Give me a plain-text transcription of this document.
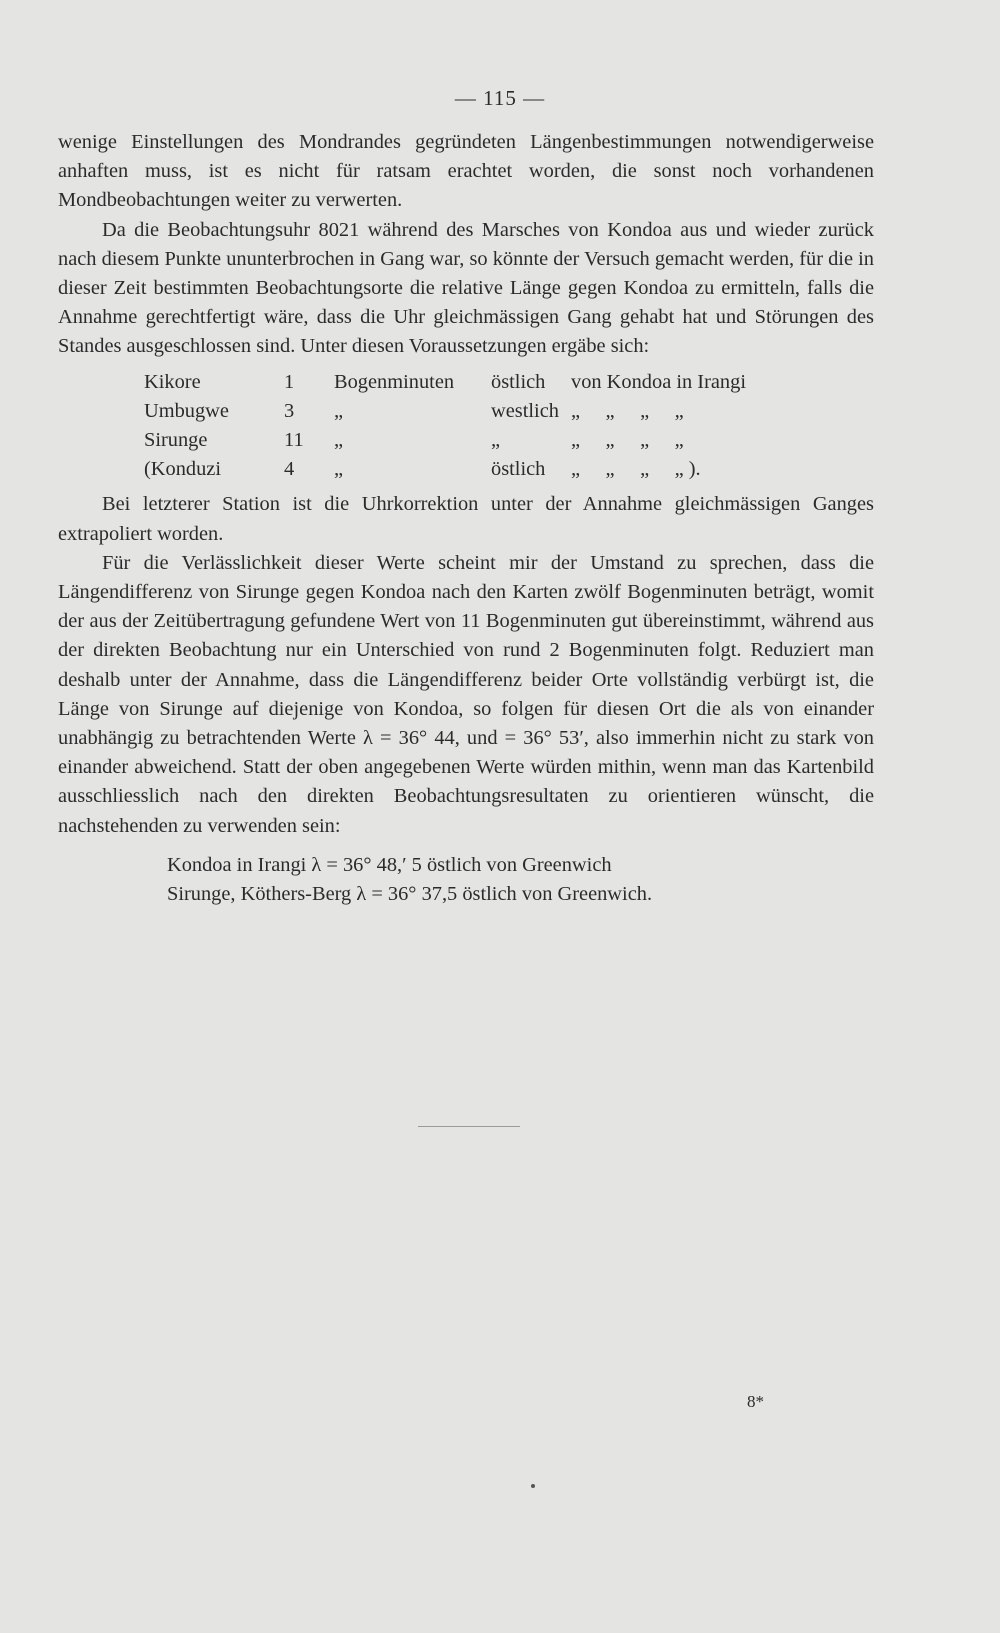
— 115 —

wenige Einstellungen des Mondrandes gegründeten Längenbestimmungen notwendigerweise anhaften muss, ist es nicht für ratsam erachtet worden, die sonst noch vorhandenen Mondbeobachtungen weiter zu verwerten.

Da die Beobachtungsuhr 8021 während des Marsches von Kondoa aus und wieder zurück nach diesem Punkte ununterbrochen in Gang war, so könnte der Versuch gemacht werden, für die in dieser Zeit bestimmten Beobachtungsorte die relative Länge gegen Kondoa zu ermitteln, falls die Annahme gerechtfertigt wäre, dass die Uhr gleichmässigen Gang gehabt hat und Störungen des Standes ausgeschlossen sind. Unter diesen Voraussetzungen ergäbe sich:

Kikore	1	Bogenminuten	östlich	von Kondoa in Irangi
Umbugwe	3	„	westlich „     „     „     „
Sirunge	11	„	„	„     „     „     „
(Konduzi	4	„	östlich	„     „     „     „ ).

Bei letzterer Station ist die Uhrkorrektion unter der Annahme gleichmässigen Ganges extrapoliert worden.

Für die Verlässlichkeit dieser Werte scheint mir der Umstand zu sprechen, dass die Längendifferenz von Sirunge gegen Kondoa nach den Karten zwölf Bogenminuten beträgt, womit der aus der Zeitübertragung gefundene Wert von 11 Bogenminuten gut übereinstimmt, während aus der direkten Beobachtung nur ein Unterschied von rund 2 Bogenminuten folgt. Reduziert man deshalb unter der Annahme, dass die Längendifferenz beider Orte vollständig verbürgt ist, die Länge von Sirunge auf diejenige von Kondoa, so folgen für diesen Ort die als von einander unabhängig zu betrachtenden Werte λ = 36° 44, und = 36° 53′, also immerhin nicht zu stark von einander abweichend. Statt der oben angegebenen Werte würden mithin, wenn man das Kartenbild ausschliesslich nach den direkten Beobachtungsresultaten zu orientieren wünscht, die nachstehenden zu verwenden sein:

Kondoa in Irangi λ = 36° 48,′ 5 östlich von Greenwich
Sirunge, Köthers-Berg λ = 36° 37,5 östlich von Greenwich.
8*
